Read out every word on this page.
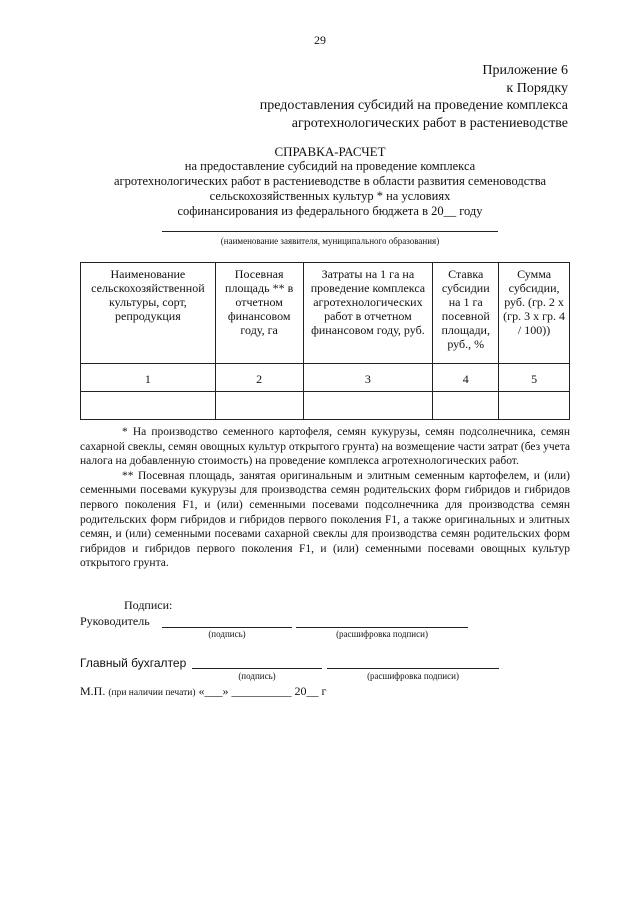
29
Приложение 6
к Порядку
предоставления субсидий на проведение комплекса
агротехнологических работ в растениеводстве
СПРАВКА-РАСЧЕТ
на предоставление субсидий на проведение комплекса
агротехнологических работ в растениеводстве в области развития семеноводства
сельскохозяйственных культур * на условиях
софинансирования из федерального бюджета в 20__ году
(наименование заявителя, муниципального образования)
Наименование сельскохозяйственной культуры, сорт, репродукция	Посевная площадь ** в отчетном финансовом году, га	Затраты на 1 га на проведение комплекса агротехнологических работ в отчетном финансовом году, руб.	Ставка субсидии на 1 га посевной площади, руб., %	Сумма субсидии, руб. (гр. 2 х (гр. 3 х гр. 4 / 100))
1	2	3	4	5

* На производство семенного картофеля, семян кукурузы, семян подсолнечника, семян сахарной свеклы, семян овощных культур открытого грунта) на возмещение части затрат (без учета налога на добавленную стоимость) на проведение комплекса агротехнологических работ.

** Посевная площадь, занятая оригинальным и элитным семенным картофелем, и (или) семенными посевами кукурузы для производства семян родительских форм гибридов и гибридов первого поколения F1, и (или) семенными посевами подсолнечника для производства семян родительских форм гибридов и гибридов первого поколения F1, а также оригинальных и элитных семян, и (или) семенными посевами сахарной свеклы для производства семян родительских форм гибридов и гибридов первого поколения F1, и (или) семенными посевами овощных культур открытого грунта.

Подписи:
Руководитель
(подпись)	(расшифровка подписи)
Главный бухгалтер
(подпись)	(расшифровка подписи)
М.П. (при наличии печати) «___» __________ 20__ г
